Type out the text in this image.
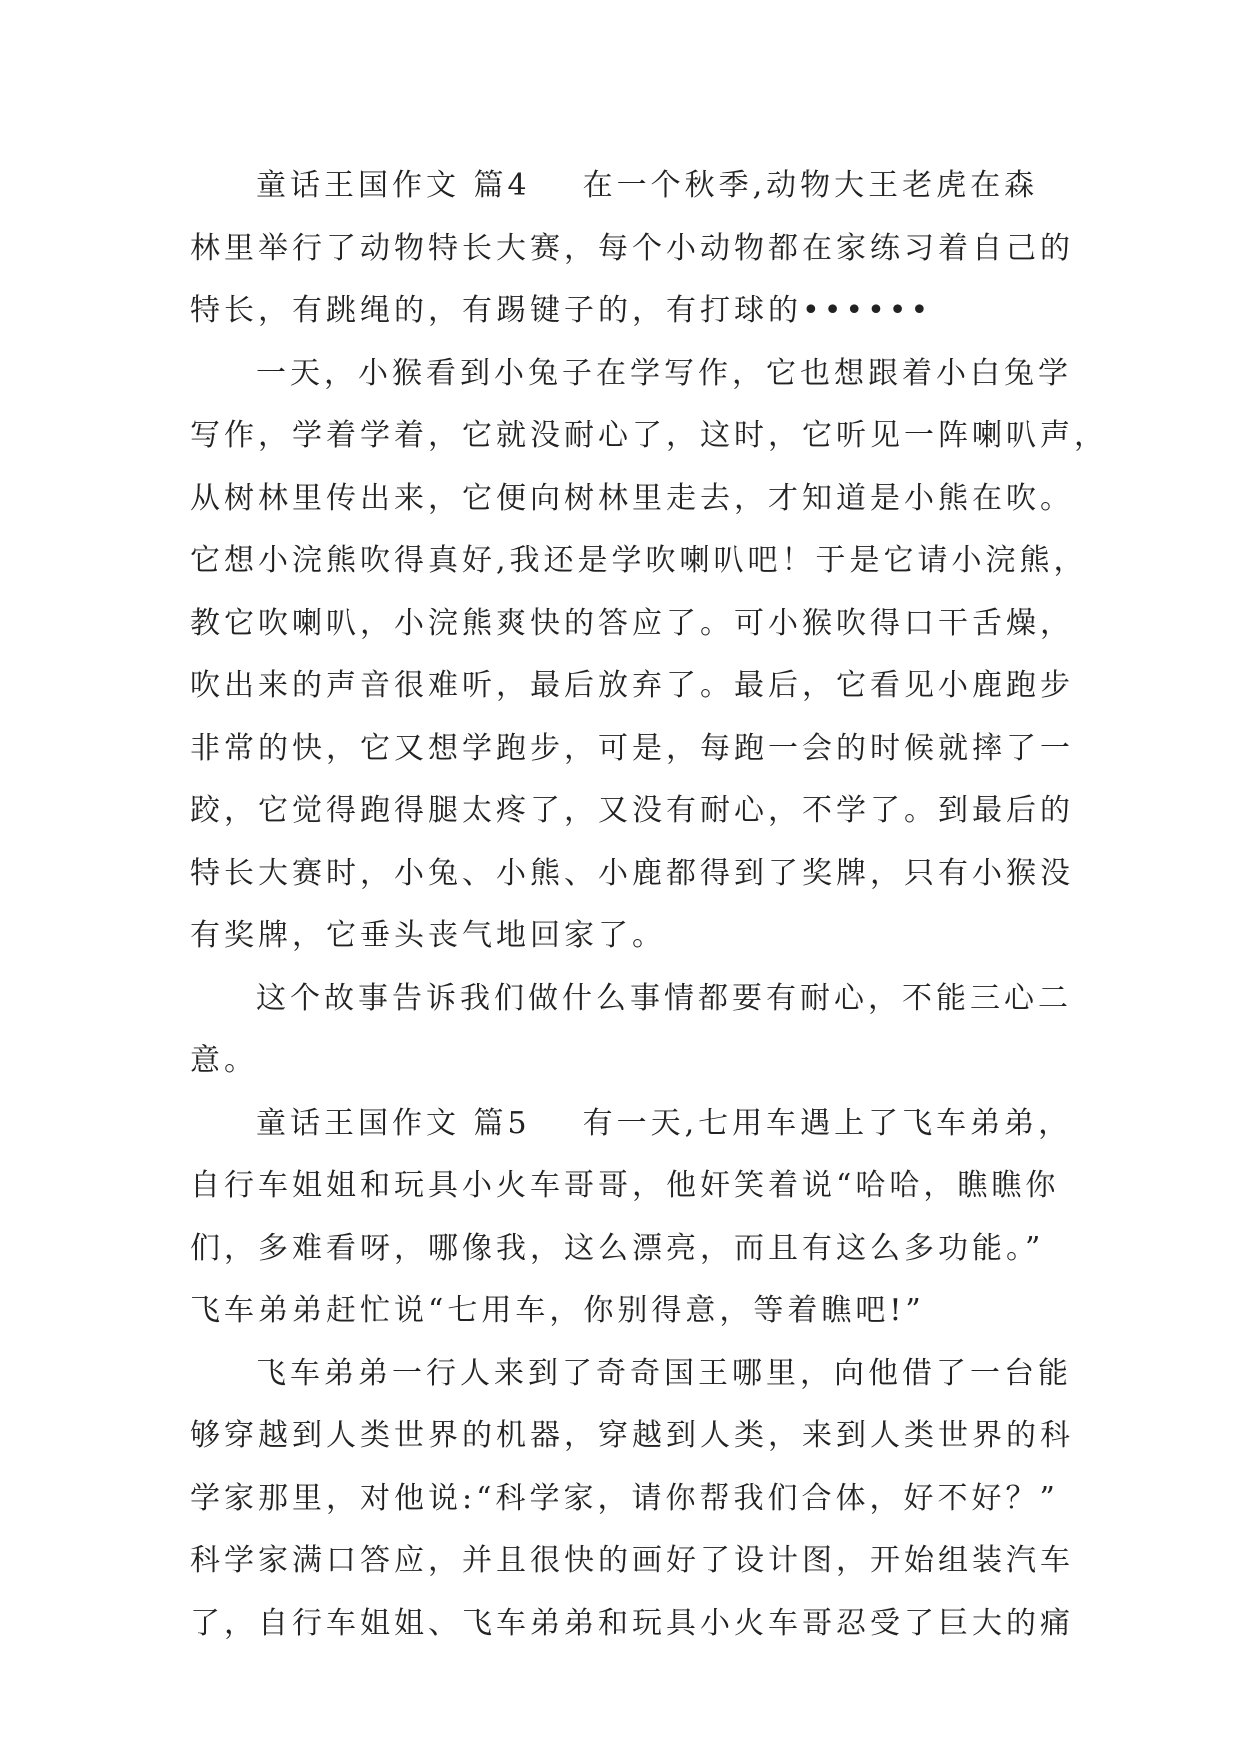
童话王国作文 篇4 在一个秋季,动物大王老虎在森
林里举行了动物特长大赛，每个小动物都在家练习着自己的
特长，有跳绳的，有踢键子的，有打球的••••••
一天，小猴看到小兔子在学写作，它也想跟着小白兔学
写作，学着学着，它就没耐心了，这时，它听见一阵喇叭声，
从树林里传出来，它便向树林里走去，才知道是小熊在吹。
它想小浣熊吹得真好,我还是学吹喇叭吧！于是它请小浣熊，
教它吹喇叭，小浣熊爽快的答应了。可小猴吹得口干舌燥，
吹出来的声音很难听，最后放弃了。最后，它看见小鹿跑步
非常的快，它又想学跑步，可是，每跑一会的时候就摔了一
跤，它觉得跑得腿太疼了，又没有耐心，不学了。到最后的
特长大赛时，小兔、小熊、小鹿都得到了奖牌，只有小猴没
有奖牌，它垂头丧气地回家了。
这个故事告诉我们做什么事情都要有耐心，不能三心二
意。
童话王国作文 篇5 有一天,七用车遇上了飞车弟弟，
自行车姐姐和玩具小火车哥哥，他奸笑着说“哈哈，瞧瞧你
们，多难看呀，哪像我，这么漂亮，而且有这么多功能。”
飞车弟弟赶忙说“七用车，你别得意，等着瞧吧!”
飞车弟弟一行人来到了奇奇国王哪里，向他借了一台能
够穿越到人类世界的机器，穿越到人类，来到人类世界的科
学家那里，对他说:“科学家，请你帮我们合体，好不好？”
科学家满口答应，并且很快的画好了设计图，开始组装汽车
了，自行车姐姐、飞车弟弟和玩具小火车哥忍受了巨大的痛
